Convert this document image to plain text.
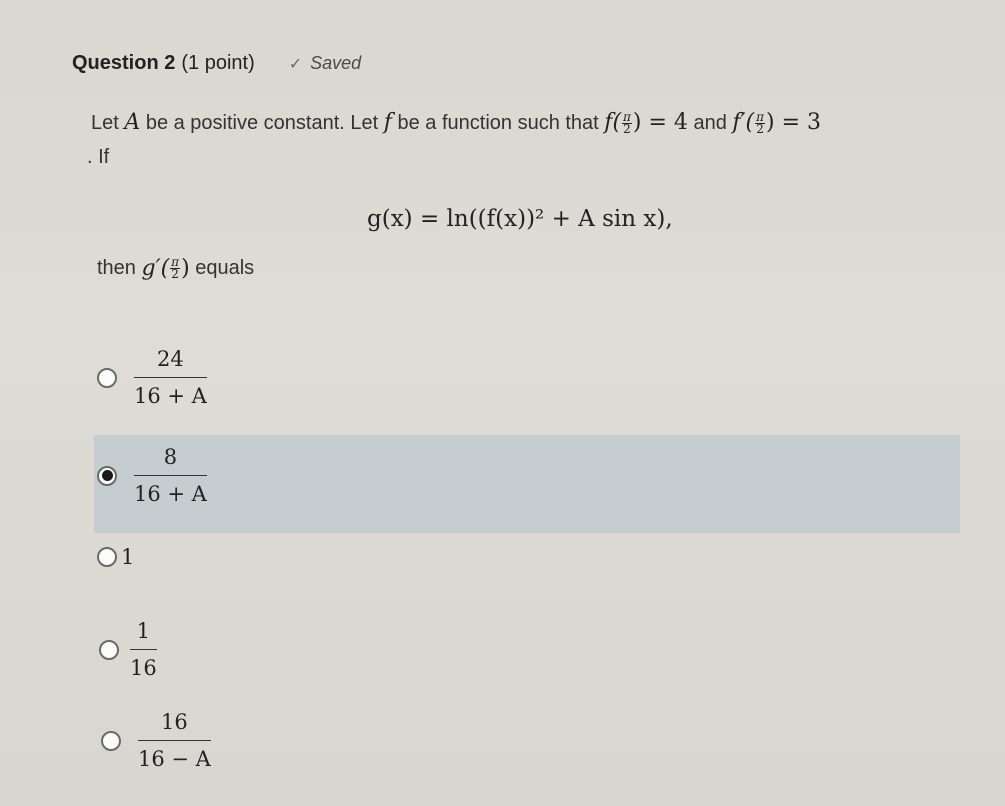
Question 2 (1 point) ✓ Saved
Let
A
be a positive constant. Let
f
be a function such that
$f( \frac{\pi}{2}$ ) = 4
and
$f'( \frac{\pi}{2}$ ) = 3
. If
g(x) = ln((f(x))² + A sin x),
then
$g'( \frac{\pi}{2}$ )
equals
$\frac{24}{16 + A}$
$\frac{8}{16 + A}$
1
$\frac{1}{16}$
$\frac{16}{16 - A}$
